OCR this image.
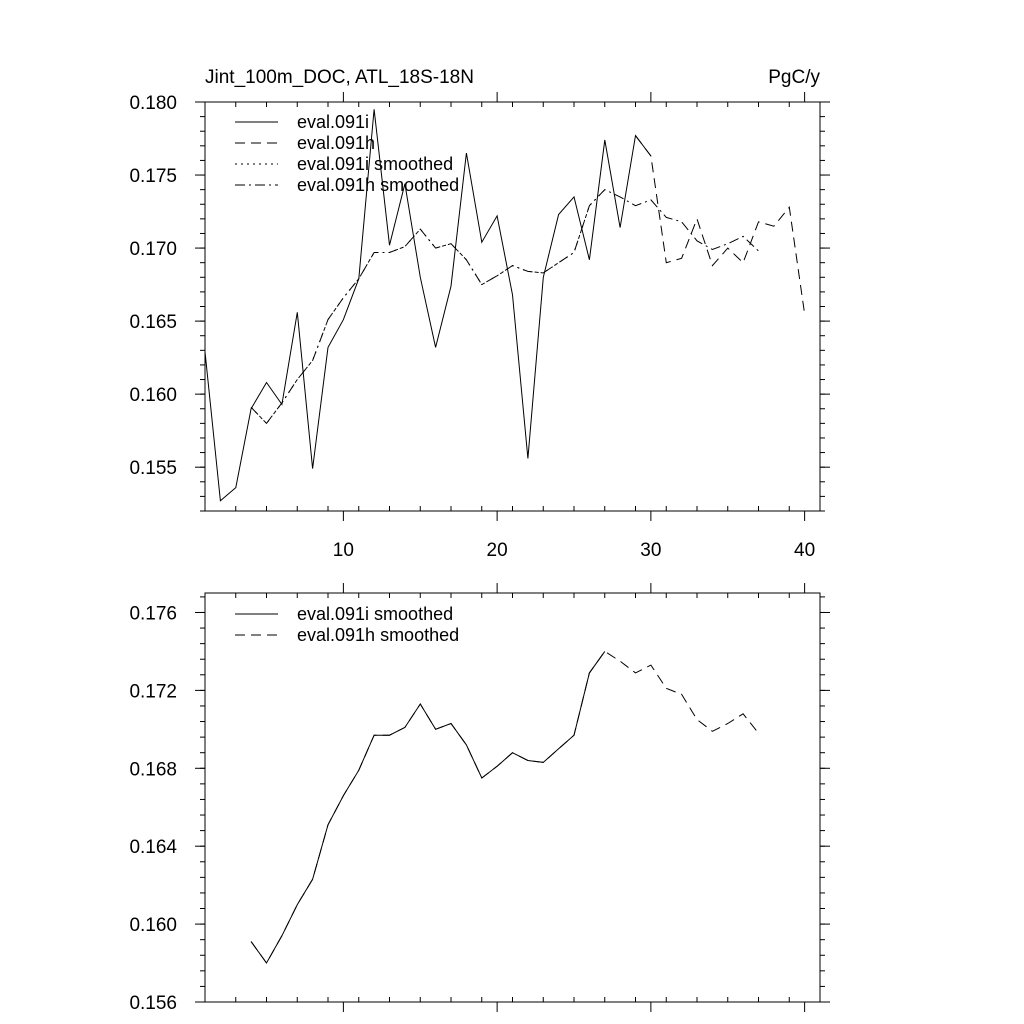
Jint_100m_DOC, ATL_18S-18N	PgC/y
10	20	30	40
0.155
0.160
0.165
0.170
0.175
0.180
eval.091i
eval.091h
eval.091i smoothed
eval.091h smoothed
0.156
0.160
0.164
0.168
0.172
0.176	eval.091i smoothed
eval.091h smoothed
